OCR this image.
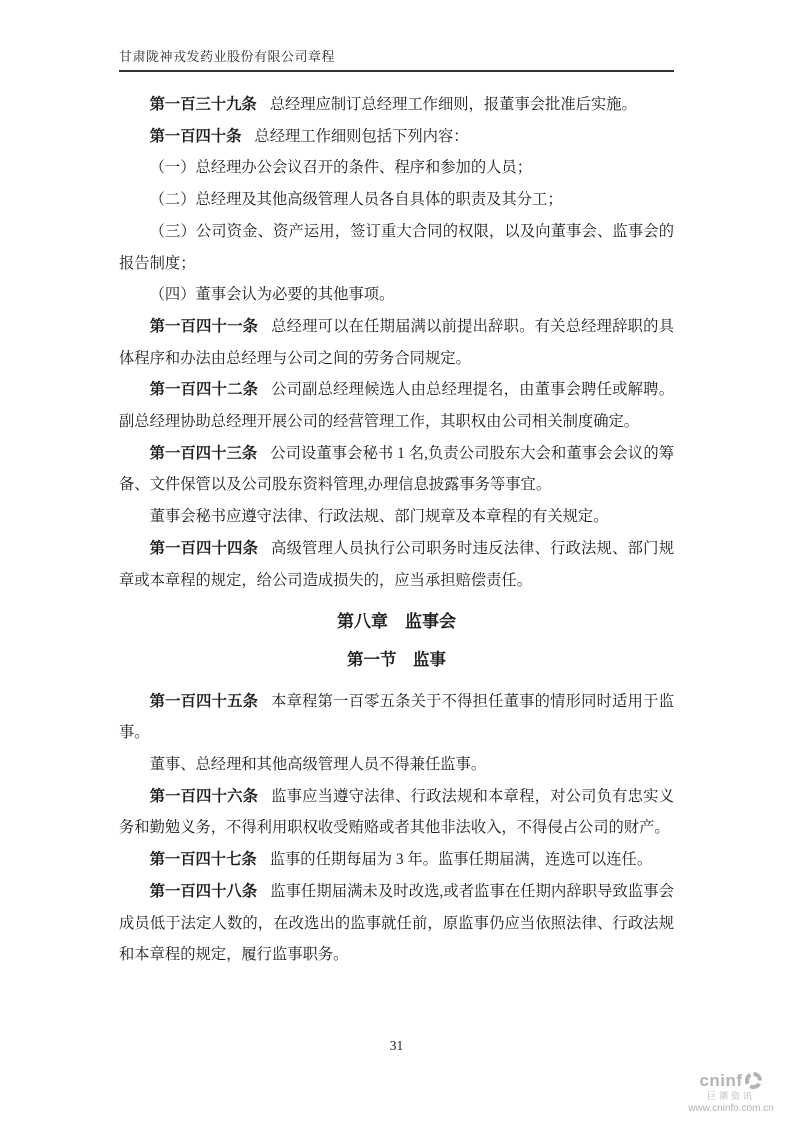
甘肃陇神戎发药业股份有限公司章程

第一百三十九条 总经理应制订总经理工作细则，报董事会批准后实施。

第一百四十条 总经理工作细则包括下列内容：

（一）总经理办公会议召开的条件、程序和参加的人员；

（二）总经理及其他高级管理人员各自具体的职责及其分工；

（三）公司资金、资产运用，签订重大合同的权限，以及向董事会、监事会的报告制度；

（四）董事会认为必要的其他事项。

第一百四十一条 总经理可以在任期届满以前提出辞职。有关总经理辞职的具体程序和办法由总经理与公司之间的劳务合同规定。

第一百四十二条 公司副总经理候选人由总经理提名，由董事会聘任或解聘。副总经理协助总经理开展公司的经营管理工作，其职权由公司相关制度确定。

第一百四十三条 公司设董事会秘书 1 名,负责公司股东大会和董事会会议的筹备、文件保管以及公司股东资料管理,办理信息披露事务等事宜。

董事会秘书应遵守法律、行政法规、部门规章及本章程的有关规定。

第一百四十四条 高级管理人员执行公司职务时违反法律、行政法规、部门规章或本章程的规定，给公司造成损失的，应当承担赔偿责任。

第八章　监事会

第一节　监事

第一百四十五条 本章程第一百零五条关于不得担任董事的情形同时适用于监事。

董事、总经理和其他高级管理人员不得兼任监事。

第一百四十六条 监事应当遵守法律、行政法规和本章程，对公司负有忠实义务和勤勉义务，不得利用职权收受贿赂或者其他非法收入，不得侵占公司的财产。

第一百四十七条 监事的任期每届为 3 年。监事任期届满，连选可以连任。

第一百四十八条 监事任期届满未及时改选,或者监事在任期内辞职导致监事会成员低于法定人数的，在改选出的监事就任前，原监事仍应当依照法律、行政法规和本章程的规定，履行监事职务。

31
cninf
巨潮资讯
www.cninfo.com.cn
